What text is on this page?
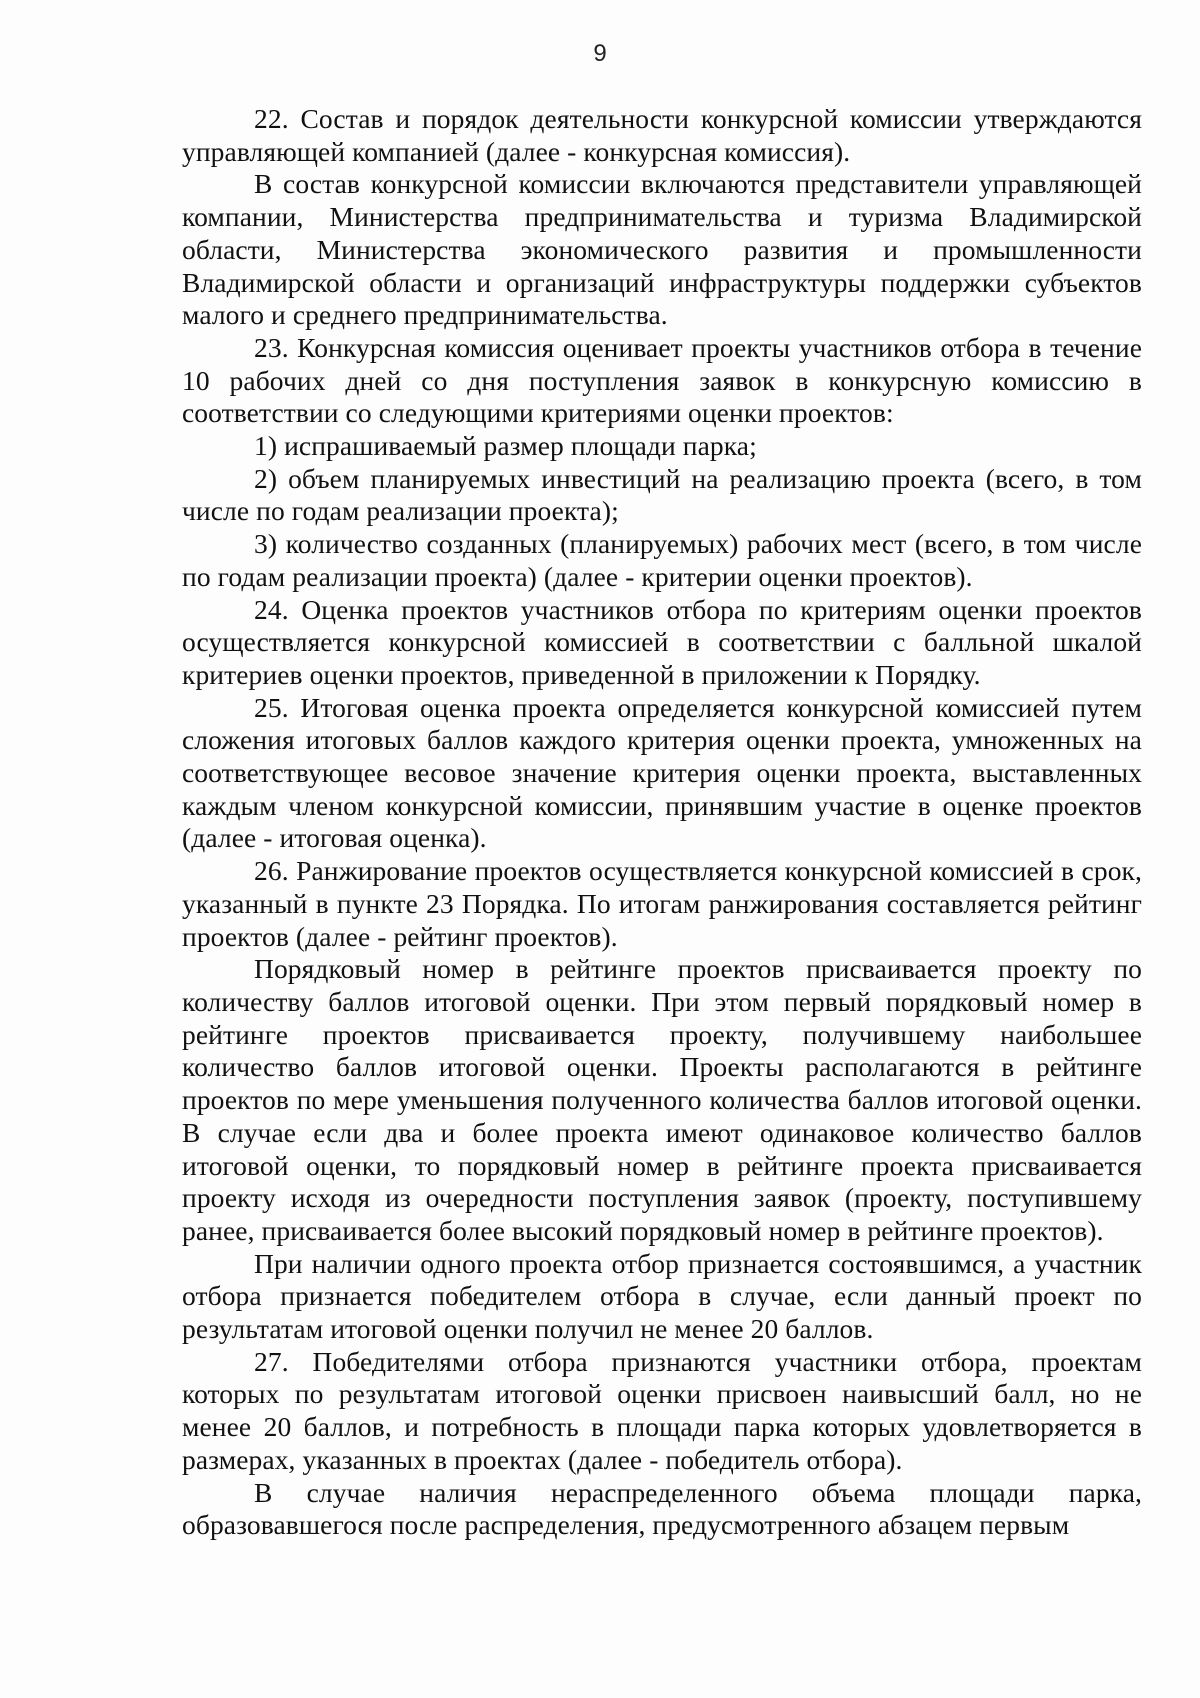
9

22. Состав и порядок деятельности конкурсной комиссии утверждаются управляющей компанией (далее - конкурсная комиссия).

В состав конкурсной комиссии включаются представители управляющей компании, Министерства предпринимательства и туризма Владимирской области, Министерства экономического развития и промышленности Владимирской области и организаций инфраструктуры поддержки субъектов малого и среднего предпринимательства.

23. Конкурсная комиссия оценивает проекты участников отбора в течение 10 рабочих дней со дня поступления заявок в конкурсную комиссию в соответствии со следующими критериями оценки проектов:

1) испрашиваемый размер площади парка;

2) объем планируемых инвестиций на реализацию проекта (всего, в том числе по годам реализации проекта);

3) количество созданных (планируемых) рабочих мест (всего, в том числе по годам реализации проекта) (далее - критерии оценки проектов).

24. Оценка проектов участников отбора по критериям оценки проектов осуществляется конкурсной комиссией в соответствии с балльной шкалой критериев оценки проектов, приведенной в приложении к Порядку.

25. Итоговая оценка проекта определяется конкурсной комиссией путем сложения итоговых баллов каждого критерия оценки проекта, умноженных на соответствующее весовое значение критерия оценки проекта, выставленных каждым членом конкурсной комиссии, принявшим участие в оценке проектов (далее - итоговая оценка).

26. Ранжирование проектов осуществляется конкурсной комиссией в срок, указанный в пункте 23 Порядка. По итогам ранжирования составляется рейтинг проектов (далее - рейтинг проектов).

Порядковый номер в рейтинге проектов присваивается проекту по количеству баллов итоговой оценки. При этом первый порядковый номер в рейтинге проектов присваивается проекту, получившему наибольшее количество баллов итоговой оценки. Проекты располагаются в рейтинге проектов по мере уменьшения полученного количества баллов итоговой оценки. В случае если два и более проекта имеют одинаковое количество баллов итоговой оценки, то порядковый номер в рейтинге проекта присваивается проекту исходя из очередности поступления заявок (проекту, поступившему ранее, присваивается более высокий порядковый номер в рейтинге проектов).

При наличии одного проекта отбор признается состоявшимся, а участник отбора признается победителем отбора в случае, если данный проект по результатам итоговой оценки получил не менее 20 баллов.

27. Победителями отбора признаются участники отбора, проектам которых по результатам итоговой оценки присвоен наивысший балл, но не менее 20 баллов, и потребность в площади парка которых удовлетворяется в размерах, указанных в проектах (далее - победитель отбора).

В случае наличия нераспределенного объема площади парка, образовавшегося после распределения, предусмотренного абзацем первым
